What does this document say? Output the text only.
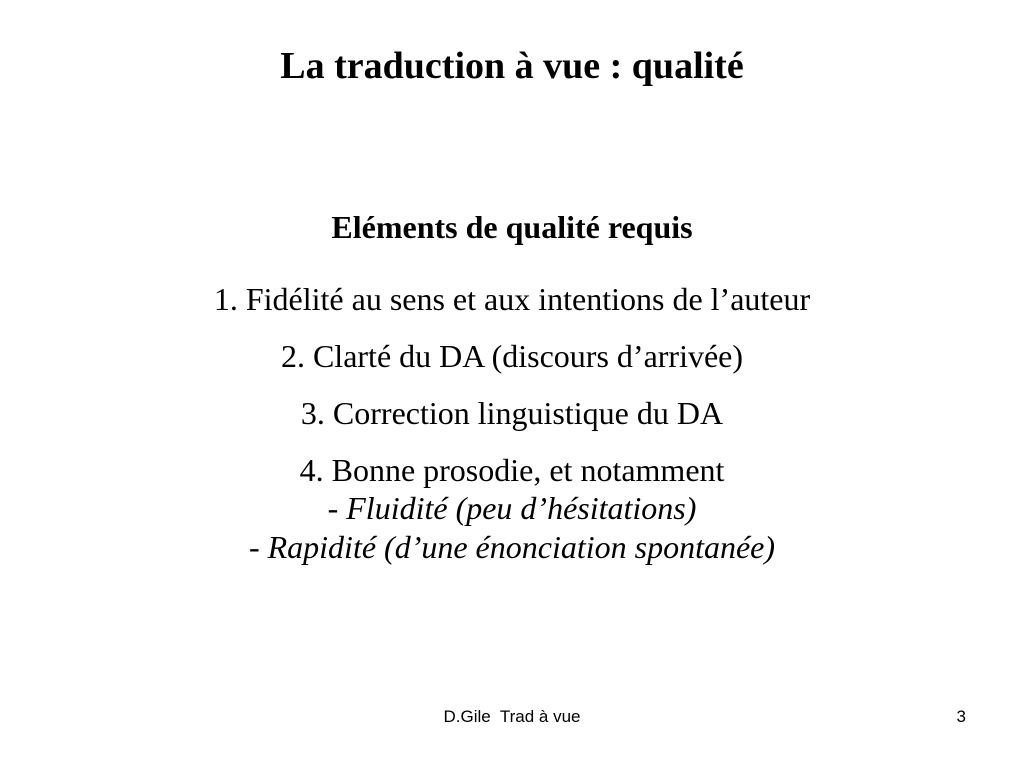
La traduction à vue : qualité
Eléments de qualité requis
1. Fidélité au sens et aux intentions de l’auteur
2. Clarté du DA (discours d’arrivée)
3. Correction linguistique du DA
4. Bonne prosodie, et notamment
- Fluidité (peu d’hésitations)
- Rapidité (d’une énonciation spontanée)
D.Gile  Trad à vue	3
